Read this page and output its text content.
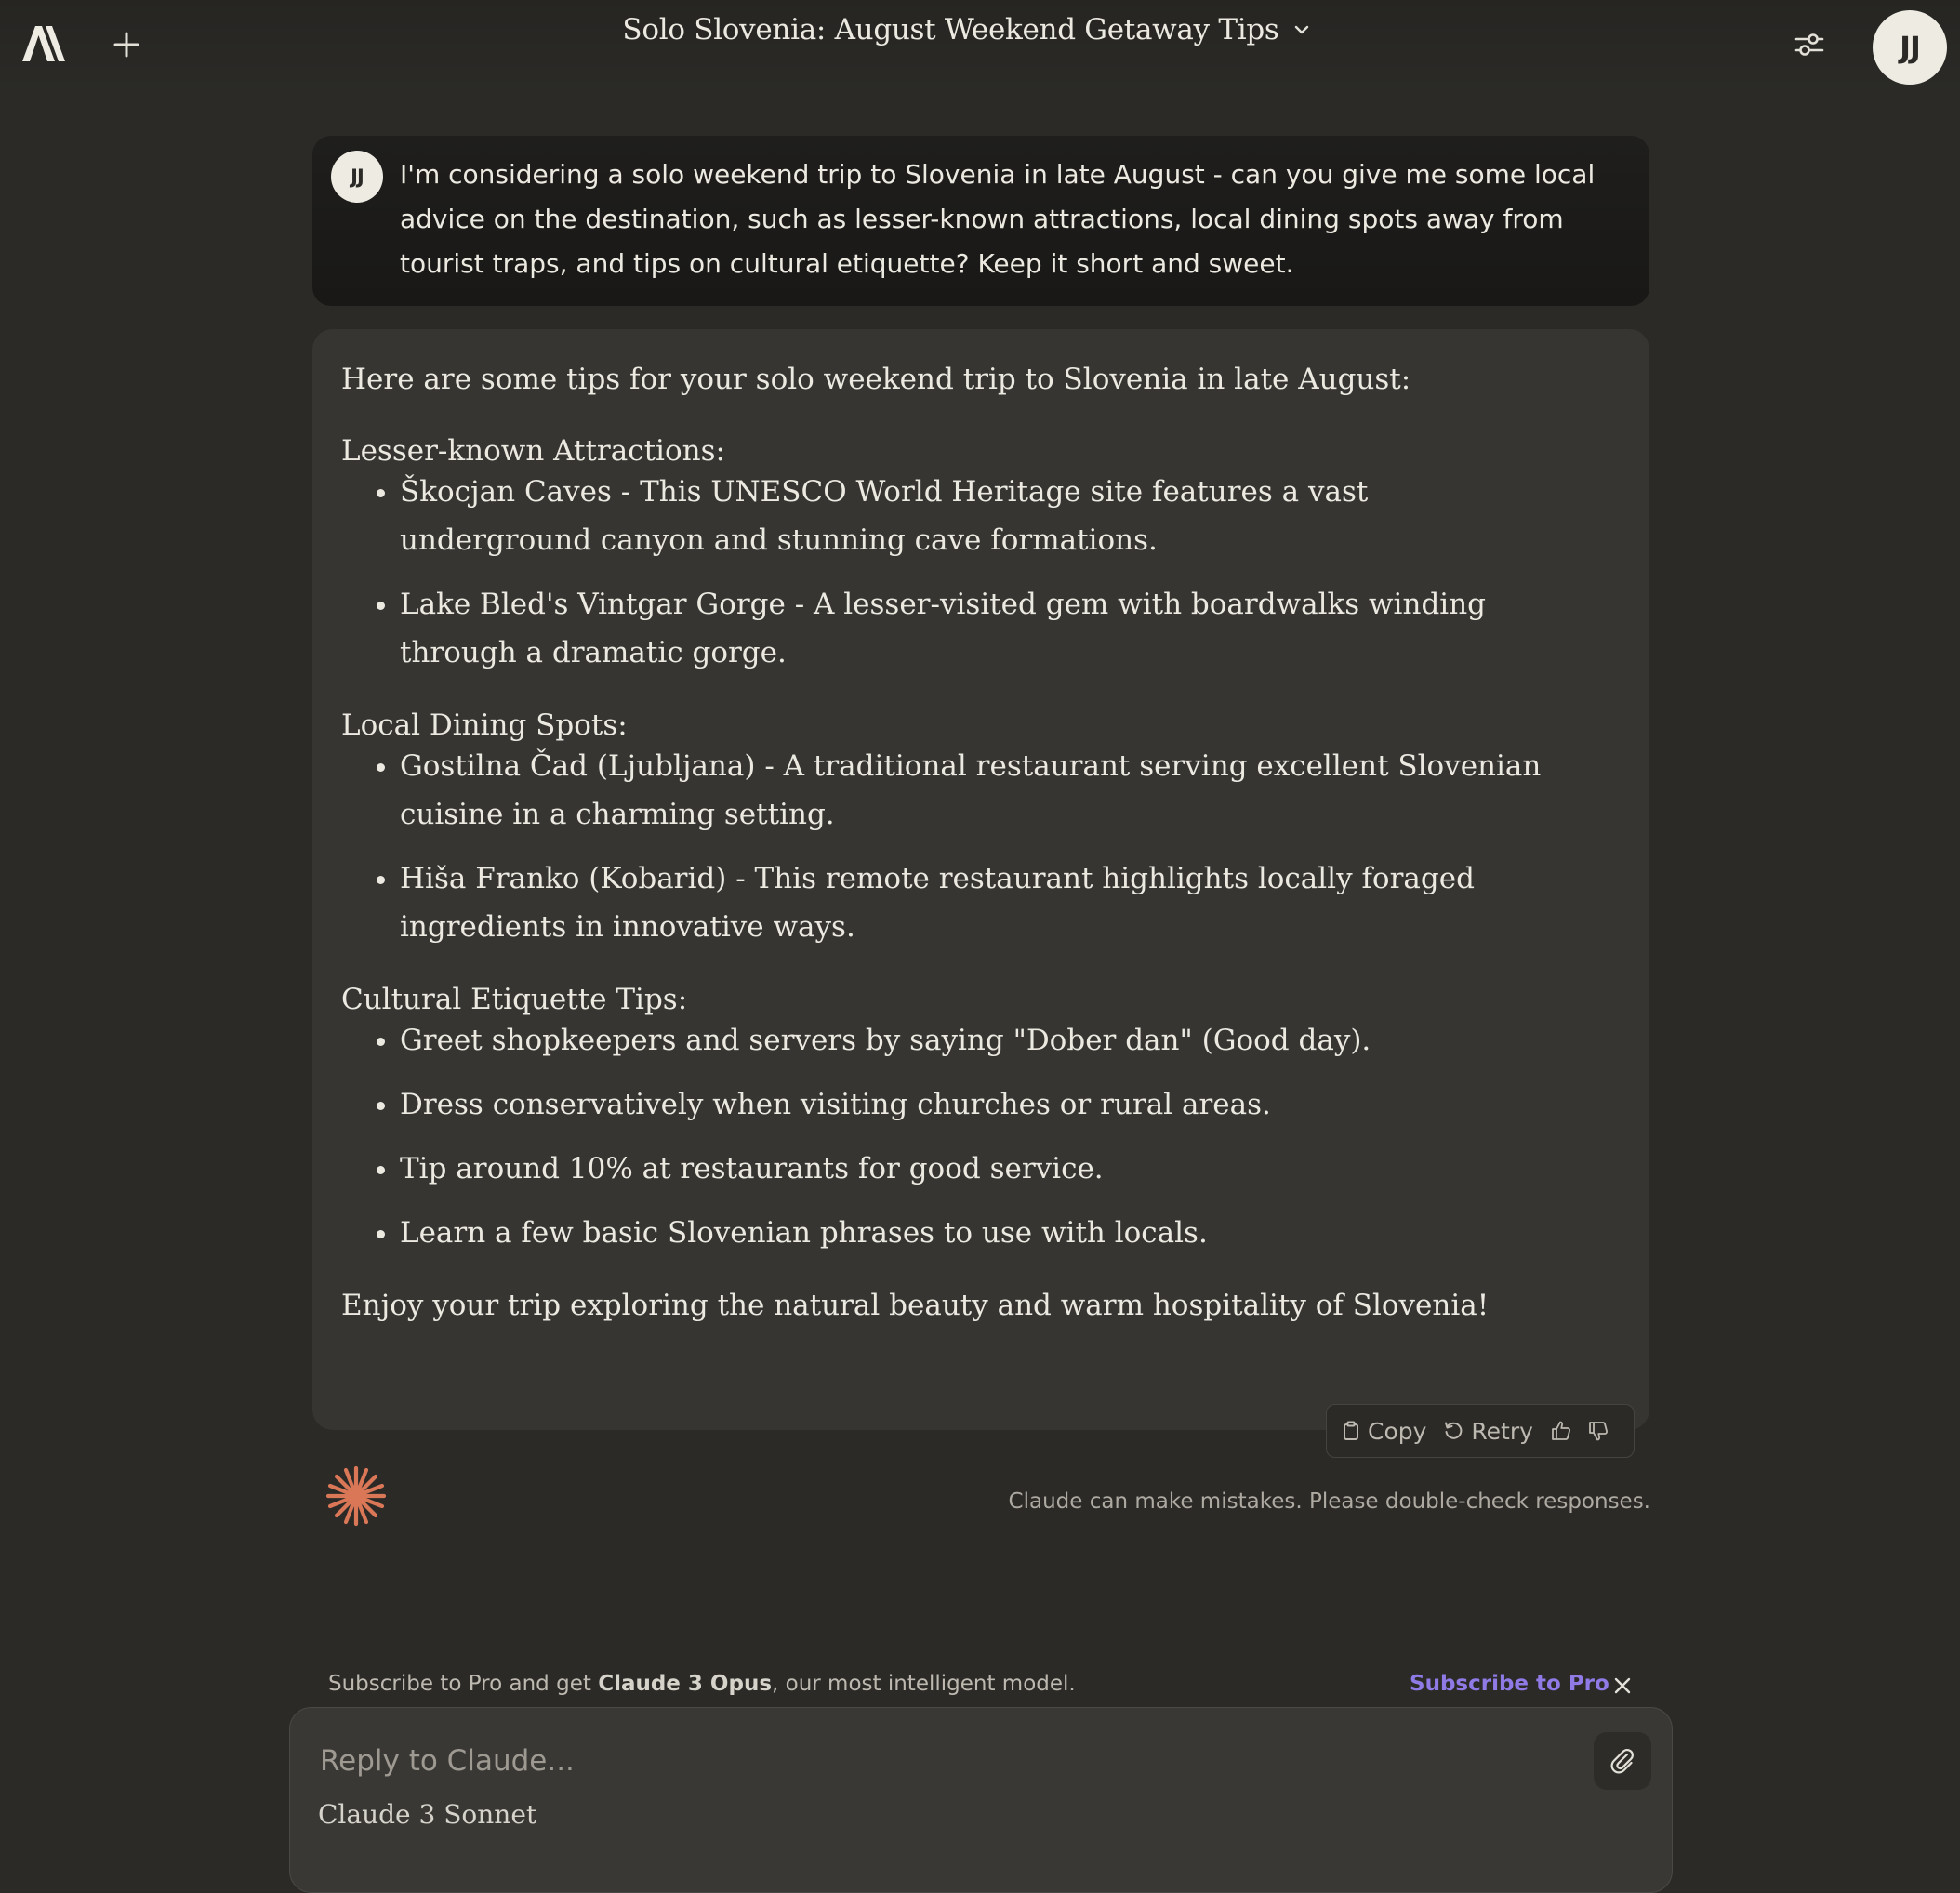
Solo Slovenia: August Weekend Getaway Tips	JJ
JJ	I'm considering a solo weekend trip to Slovenia in late August - can you give me some local advice on the destination, such as lesser-known attractions, local dining spots away from tourist traps, and tips on cultural etiquette? Keep it short and sweet.

Here are some tips for your solo weekend trip to Slovenia in late August:

Lesser-known Attractions:

• Škocjan Caves - This UNESCO World Heritage site features a vast underground canyon and stunning cave formations.
• Lake Bled's Vintgar Gorge - A lesser-visited gem with boardwalks winding through a dramatic gorge.

Local Dining Spots:

• Gostilna Čad (Ljubljana) - A traditional restaurant serving excellent Slovenian cuisine in a charming setting.
• Hiša Franko (Kobarid) - This remote restaurant highlights locally foraged ingredients in innovative ways.

Cultural Etiquette Tips:

• Greet shopkeepers and servers by saying "Dober dan" (Good day).
• Dress conservatively when visiting churches or rural areas.
• Tip around 10% at restaurants for good service.
• Learn a few basic Slovenian phrases to use with locals.

Enjoy your trip exploring the natural beauty and warm hospitality of Slovenia!

Copy Retry
Claude can make mistakes. Please double-check responses.
Subscribe to Pro and get Claude 3 Opus, our most intelligent model.	Subscribe to Pro
Reply to Claude...
Claude 3 Sonnet
